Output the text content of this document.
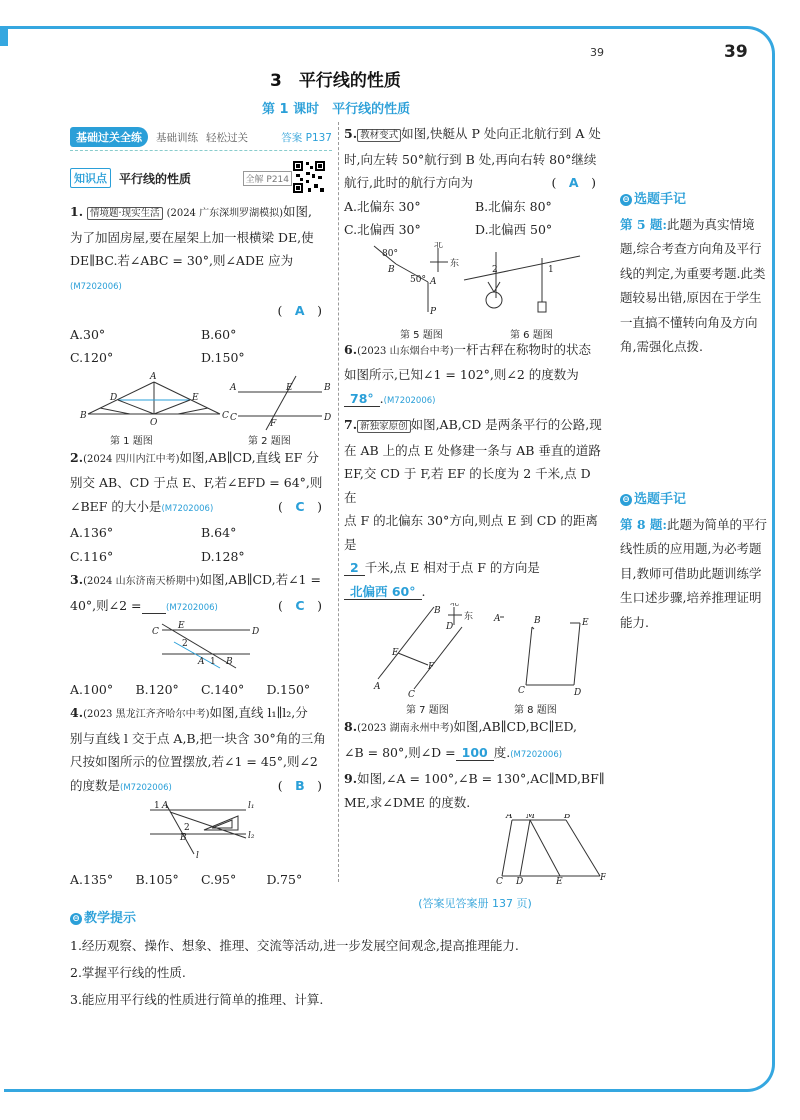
39	39
3　平行线的性质
第 1 课时　平行线的性质
基础过关全练	基础训练 轻松过关	答案 P137
知识点	平行线的性质	全解 P214

1. 情境题·现实生活 (2024 广东深圳罗湖模拟)如图,

为了加固房屋,要在屋架上加一根横梁 DE,使

DE∥BC.若∠ABC = 30°,则∠ADE 应为(M7202006)

(　A　)

A.30°	B.60°
C.120°	D.150°
A
D	E
B	C
O
A	E	B
C
F
D
第 1 题图	第 2 题图

2.(2024 四川内江中考)如图,AB∥CD,直线 EF 分

别交 AB、CD 于点 E、F,若∠EFD = 64°,则

∠BEF 的大小是(M7202006)	(　C　)

A.136°	B.64°
C.116°	D.128°

3.(2024 山东济南天桥期中)如图,AB∥CD,若∠1 =

40°,则∠2 =	(M7202006)	(　C　)

C
E
D
2
A 1 B
A.100°	B.120°	C.140°	D.150°

4.(2023 黑龙江齐齐哈尔中考)如图,直线 l₁∥l₂,分

别与直线 l 交于点 A,B,把一块含 30°角的三角

尺按如图所示的位置摆放,若∠1 = 45°,则∠2

的度数是(M7202006)	(　B　)

1 A	l₁
2
B	l₂
l
A.135°	B.105°	C.95°	D.75°

5. 教材变式 如图,快艇从 P 处向正北航行到 A 处

时,向左转 50°航行到 B 处,再向右转 80°继续

航行,此时的航行方向为	(　A　)

A.北偏东 30°	B.北偏东 80°
C.北偏西 30°	D.北偏西 50°
80°
50°
B
A
P
北
东
2	1
第 5 题图	第 6 题图

6.(2023 山东烟台中考)一杆古秤在称物时的状态

如图所示,已知∠1 = 102°,则∠2 的度数为

78° .(M7202006)

7. 新独家原创 如图,AB,CD 是两条平行的公路,现

在 AB 上的点 E 处修建一条与 AB 垂直的道路

EF,交 CD 于 F,若 EF 的长度为 2 千米,点 D 在

点 F 的北偏东 30°方向,则点 E 到 CD 的距离是

2 千米,点 E 相对于点 F 的方向是

北偏西 60° .

北
东
E
F
A
B
C
D
A	B
C	D
E
第 7 题图	第 8 题图

8.(2023 湖南永州中考)如图,AB∥CD,BC∥ED,

∠B = 80°,则∠D = 100 度.(M7202006)

9.如图,∠A = 100°,∠B = 130°,AC∥MD,BF∥

ME,求∠DME 的度数.

A M	B
C D	E	F

(答案见答案册 137 页)

⊖ 选题手记
第 5 题:此题为真实情境题,综合考查方向角及平行线的判定,为重要考题.此类题较易出错,原因在于学生一直搞不懂转向角及方向角,需强化点拨.
⊖ 选题手记
第 8 题:此题为简单的平行线性质的应用题,为必考题目,教师可借助此题训练学生口述步骤,培养推理证明能力.
⊖ 教学提示

1.经历观察、操作、想象、推理、交流等活动,进一步发展空间观念,提高推理能力.

2.掌握平行线的性质.

3.能应用平行线的性质进行简单的推理、计算.
